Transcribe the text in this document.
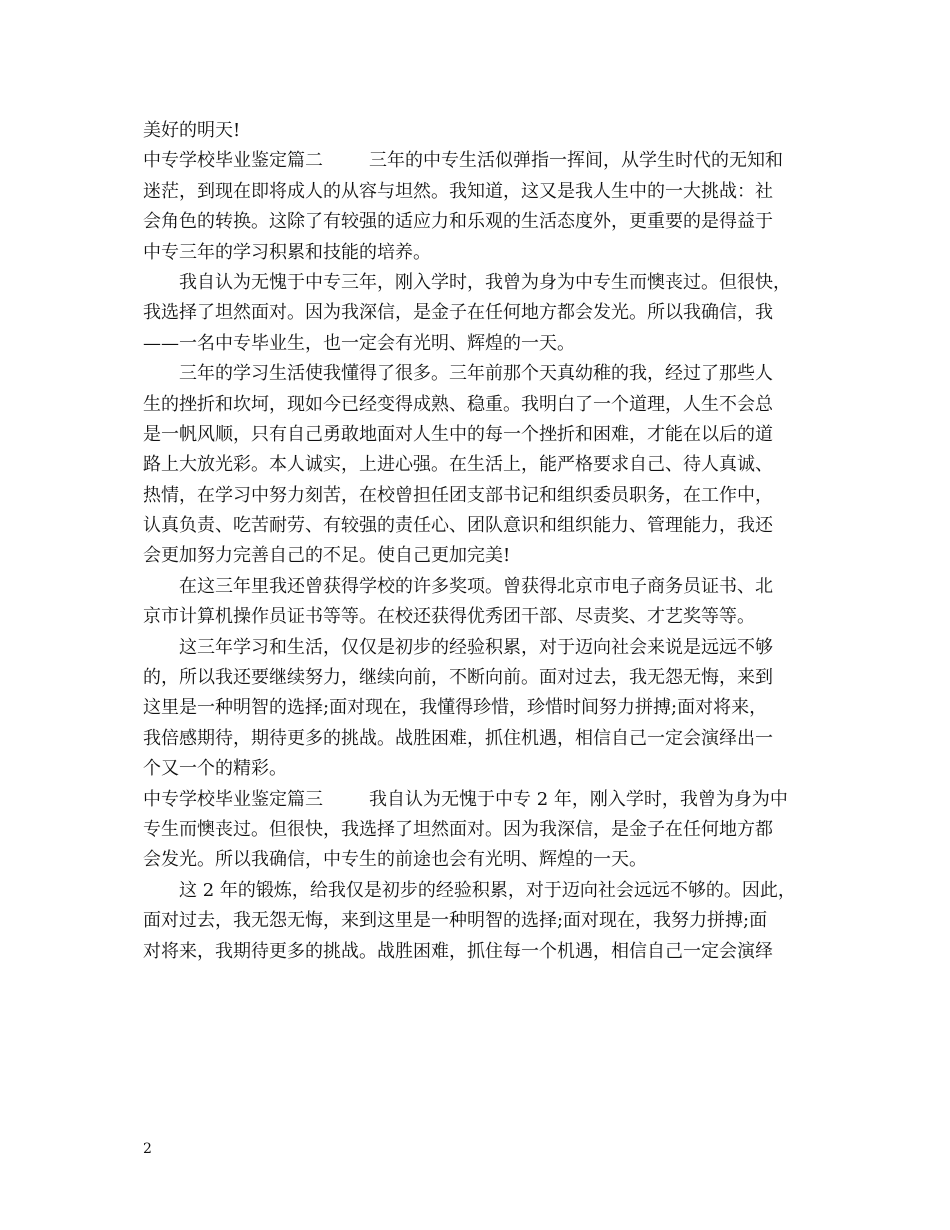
美好的明天!
中专学校毕业鉴定篇二	三年的中专生活似弹指一挥间，从学生时代的无知和
迷茫，到现在即将成人的从容与坦然。我知道，这又是我人生中的一大挑战：社
会角色的转换。这除了有较强的适应力和乐观的生活态度外，更重要的是得益于
中专三年的学习积累和技能的培养。
　　我自认为无愧于中专三年，刚入学时，我曾为身为中专生而懊丧过。但很快，
我选择了坦然面对。因为我深信，是金子在任何地方都会发光。所以我确信，我
——一名中专毕业生，也一定会有光明、辉煌的一天。
　　三年的学习生活使我懂得了很多。三年前那个天真幼稚的我，经过了那些人
生的挫折和坎坷，现如今已经变得成熟、稳重。我明白了一个道理，人生不会总
是一帆风顺，只有自己勇敢地面对人生中的每一个挫折和困难，才能在以后的道
路上大放光彩。本人诚实，上进心强。在生活上，能严格要求自己、待人真诚、
热情，在学习中努力刻苦，在校曾担任团支部书记和组织委员职务，在工作中，
认真负责、吃苦耐劳、有较强的责任心、团队意识和组织能力、管理能力，我还
会更加努力完善自己的不足。使自己更加完美!
　　在这三年里我还曾获得学校的许多奖项。曾获得北京市电子商务员证书、北
京市计算机操作员证书等等。在校还获得优秀团干部、尽责奖、才艺奖等等。
　　这三年学习和生活，仅仅是初步的经验积累，对于迈向社会来说是远远不够
的，所以我还要继续努力，继续向前，不断向前。面对过去，我无怨无悔，来到
这里是一种明智的选择;面对现在，我懂得珍惜，珍惜时间努力拼搏;面对将来，
我倍感期待，期待更多的挑战。战胜困难，抓住机遇，相信自己一定会演绎出一
个又一个的精彩。
中专学校毕业鉴定篇三	我自认为无愧于中专 2 年，刚入学时，我曾为身为中
专生而懊丧过。但很快，我选择了坦然面对。因为我深信，是金子在任何地方都
会发光。所以我确信，中专生的前途也会有光明、辉煌的一天。
　　这 2 年的锻炼，给我仅是初步的经验积累，对于迈向社会远远不够的。因此，
面对过去，我无怨无悔，来到这里是一种明智的选择;面对现在，我努力拼搏;面
对将来，我期待更多的挑战。战胜困难，抓住每一个机遇，相信自己一定会演绎
2
